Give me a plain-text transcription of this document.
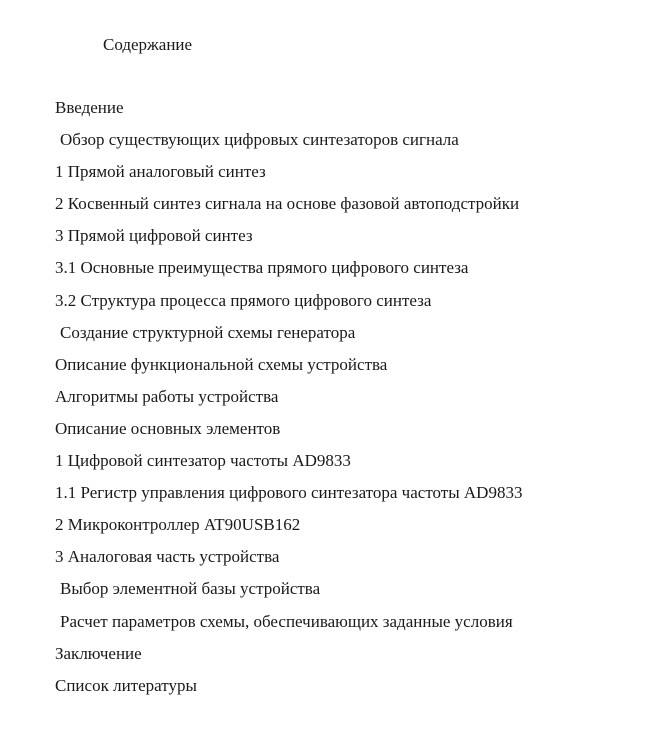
Содержание
Введение
Обзор существующих цифровых синтезаторов сигнала
1 Прямой аналоговый синтез
2 Косвенный синтез сигнала на основе фазовой автоподстройки
3 Прямой цифровой синтез
3.1 Основные преимущества прямого цифрового синтеза
3.2 Структура процесса прямого цифрового синтеза
Создание структурной схемы генератора
Описание функциональной схемы устройства
Алгоритмы работы устройства
Описание основных элементов
1 Цифровой синтезатор частоты AD9833
1.1 Регистр управления цифрового синтезатора частоты AD9833
2 Микроконтроллер AT90USB162
3 Аналоговая часть устройства
Выбор элементной базы устройства
Расчет параметров схемы, обеспечивающих заданные условия
Заключение
Список литературы
